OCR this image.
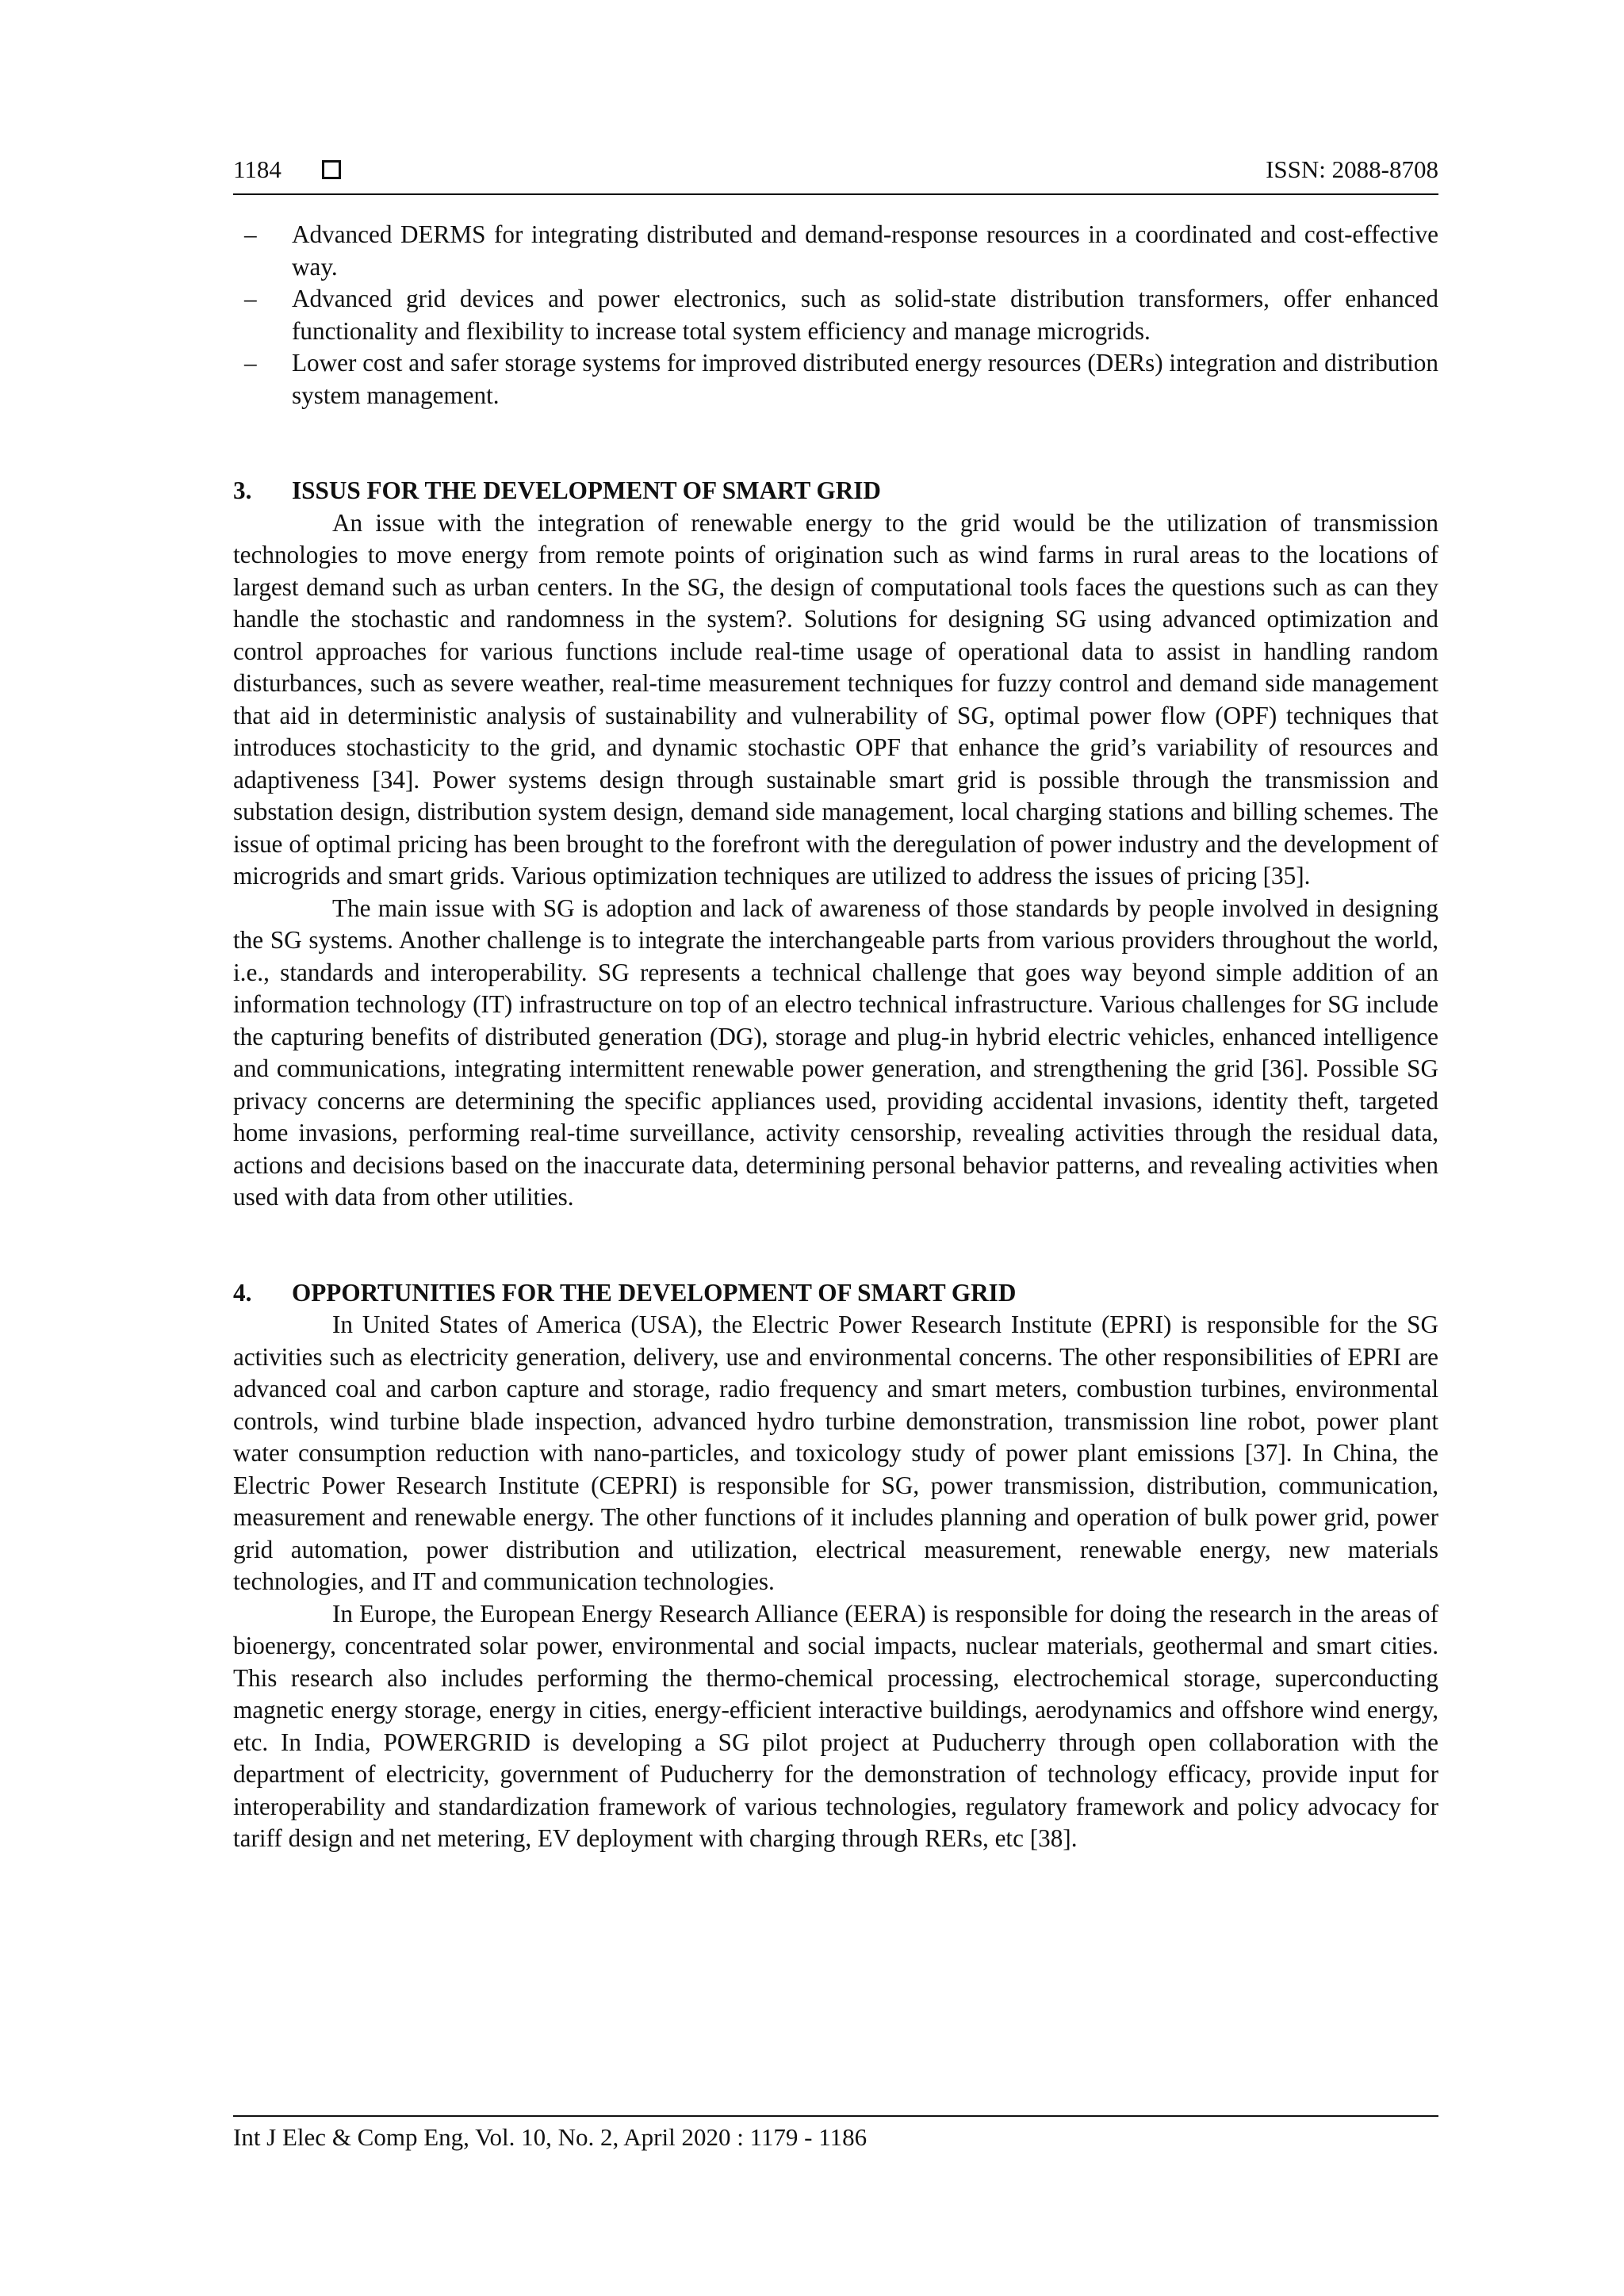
1184	ISSN: 2088-8708
– Advanced DERMS for integrating distributed and demand-response resources in a coordinated and cost-effective way.
– Advanced grid devices and power electronics, such as solid-state distribution transformers, offer enhanced functionality and flexibility to increase total system efficiency and manage microgrids.
– Lower cost and safer storage systems for improved distributed energy resources (DERs) integration and distribution system management.
3. ISSUS FOR THE DEVELOPMENT OF SMART GRID

An issue with the integration of renewable energy to the grid would be the utilization of transmission technologies to move energy from remote points of origination such as wind farms in rural areas to the locations of largest demand such as urban centers. In the SG, the design of computational tools faces the questions such as can they handle the stochastic and randomness in the system?. Solutions for designing SG using advanced optimization and control approaches for various functions include real-time usage of operational data to assist in handling random disturbances, such as severe weather, real-time measurement techniques for fuzzy control and demand side management that aid in deterministic analysis of sustainability and vulnerability of SG, optimal power flow (OPF) techniques that introduces stochasticity to the grid, and dynamic stochastic OPF that enhance the grid’s variability of resources and adaptiveness [34]. Power systems design through sustainable smart grid is possible through the transmission and substation design, distribution system design, demand side management, local charging stations and billing schemes. The issue of optimal pricing has been brought to the forefront with the deregulation of power industry and the development of microgrids and smart grids. Various optimization techniques are utilized to address the issues of pricing [35].

The main issue with SG is adoption and lack of awareness of those standards by people involved in designing the SG systems. Another challenge is to integrate the interchangeable parts from various providers throughout the world, i.e., standards and interoperability. SG represents a technical challenge that goes way beyond simple addition of an information technology (IT) infrastructure on top of an electro technical infrastructure. Various challenges for SG include the capturing benefits of distributed generation (DG), storage and plug-in hybrid electric vehicles, enhanced intelligence and communications, integrating intermittent renewable power generation, and strengthening the grid [36]. Possible SG privacy concerns are determining the specific appliances used, providing accidental invasions, identity theft, targeted home invasions, performing real-time surveillance, activity censorship, revealing activities through the residual data, actions and decisions based on the inaccurate data, determining personal behavior patterns, and revealing activities when used with data from other utilities.

4. OPPORTUNITIES FOR THE DEVELOPMENT OF SMART GRID

In United States of America (USA), the Electric Power Research Institute (EPRI) is responsible for the SG activities such as electricity generation, delivery, use and environmental concerns. The other responsibilities of EPRI are advanced coal and carbon capture and storage, radio frequency and smart meters, combustion turbines, environmental controls, wind turbine blade inspection, advanced hydro turbine demonstration, transmission line robot, power plant water consumption reduction with nano-particles, and toxicology study of power plant emissions [37]. In China, the Electric Power Research Institute (CEPRI) is responsible for SG, power transmission, distribution, communication, measurement and renewable energy. The other functions of it includes planning and operation of bulk power grid, power grid automation, power distribution and utilization, electrical measurement, renewable energy, new materials technologies, and IT and communication technologies.

In Europe, the European Energy Research Alliance (EERA) is responsible for doing the research in the areas of bioenergy, concentrated solar power, environmental and social impacts, nuclear materials, geothermal and smart cities. This research also includes performing the thermo-chemical processing, electrochemical storage, superconducting magnetic energy storage, energy in cities, energy-efficient interactive buildings, aerodynamics and offshore wind energy, etc. In India, POWERGRID is developing a SG pilot project at Puducherry through open collaboration with the department of electricity, government of Puducherry for the demonstration of technology efficacy, provide input for interoperability and standardization framework of various technologies, regulatory framework and policy advocacy for tariff design and net metering, EV deployment with charging through RERs, etc [38].

Int J Elec & Comp Eng, Vol. 10, No. 2, April 2020 : 1179 - 1186
